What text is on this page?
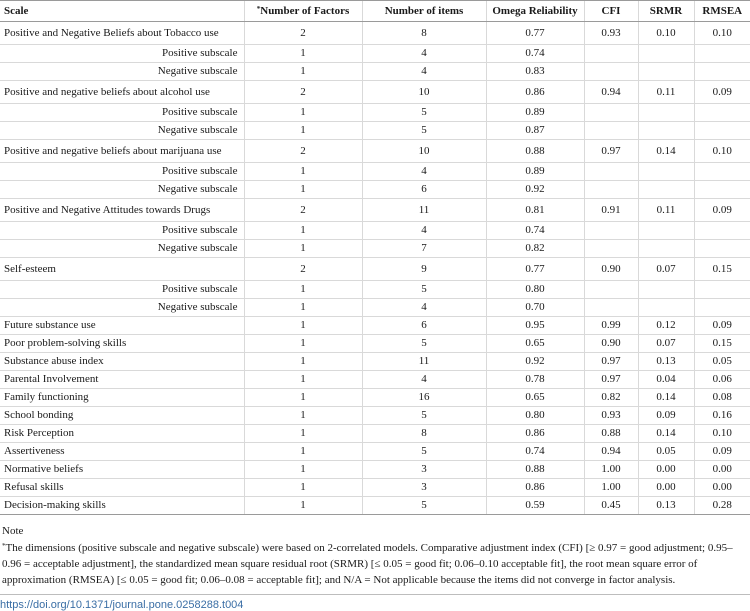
Scale	*Number of Factors	Number of items	Omega Reliability	CFI	SRMR	RMSEA
Positive and Negative Beliefs about Tobacco use	2	8	0.77	0.93	0.10	0.10
Positive subscale	1	4	0.74			
Negative subscale	1	4	0.83			
Positive and negative beliefs about alcohol use	2	10	0.86	0.94	0.11	0.09
Positive subscale	1	5	0.89			
Negative subscale	1	5	0.87			
Positive and negative beliefs about marijuana use	2	10	0.88	0.97	0.14	0.10
Positive subscale	1	4	0.89			
Negative subscale	1	6	0.92			
Positive and Negative Attitudes towards Drugs	2	11	0.81	0.91	0.11	0.09
Positive subscale	1	4	0.74			
Negative subscale	1	7	0.82			
Self-esteem	2	9	0.77	0.90	0.07	0.15
Positive subscale	1	5	0.80			
Negative subscale	1	4	0.70			
Future substance use	1	6	0.95	0.99	0.12	0.09
Poor problem-solving skills	1	5	0.65	0.90	0.07	0.15
Substance abuse index	1	11	0.92	0.97	0.13	0.05
Parental Involvement	1	4	0.78	0.97	0.04	0.06
Family functioning	1	16	0.65	0.82	0.14	0.08
School bonding	1	5	0.80	0.93	0.09	0.16
Risk Perception	1	8	0.86	0.88	0.14	0.10
Assertiveness	1	5	0.74	0.94	0.05	0.09
Normative beliefs	1	3	0.88	1.00	0.00	0.00
Refusal skills	1	3	0.86	1.00	0.00	0.00
Decision-making skills	1	5	0.59	0.45	0.13	0.28
Note
*The dimensions (positive subscale and negative subscale) were based on 2-correlated models. Comparative adjustment index (CFI) [≥ 0.97 = good adjustment; 0.95–0.96 = acceptable adjustment], the standardized mean square residual root (SRMR) [≤ 0.05 = good fit; 0.06–0.10 acceptable fit], the root mean square error of approximation (RMSEA) [≤ 0.05 = good fit; 0.06–0.08 = acceptable fit]; and N/A = Not applicable because the items did not converge in factor analysis.
https://doi.org/10.1371/journal.pone.0258288.t004
